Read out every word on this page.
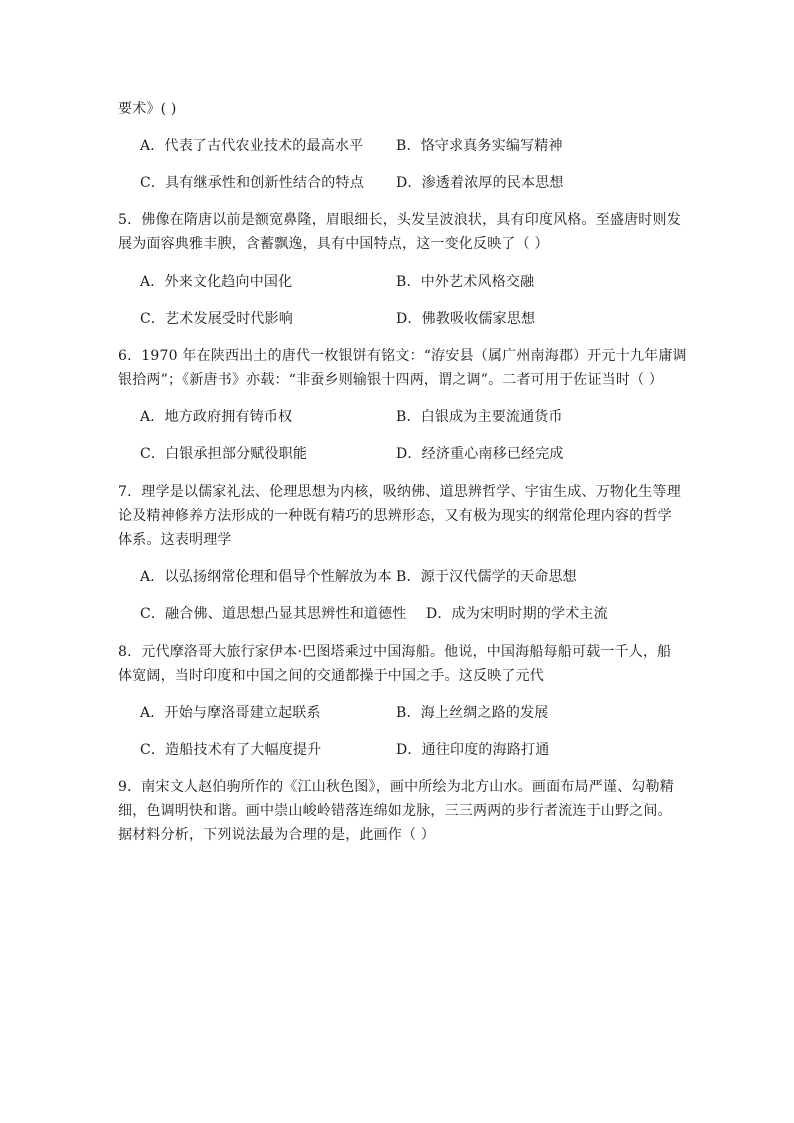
要术》( )
A．代表了古代农业技术的最高水平 B．恪守求真务实编写精神
C．具有继承性和创新性结合的特点 D．渗透着浓厚的民本思想
5．佛像在隋唐以前是额宽鼻隆，眉眼细长，头发呈波浪状，具有印度风格。至盛唐时则发
展为面容典雅丰腴，含蓄飘逸，具有中国特点，这一变化反映了（ ）
A．外来文化趋向中国化	B．中外艺术风格交融
C．艺术发展受时代影响	D．佛教吸收儒家思想
6．1970 年在陕西出土的唐代一枚银饼有铭文：“洊安县（属广州南海郡）开元十九年庸调
银拾两”；《新唐书》亦载：“非蚕乡则输银十四两，谓之调”。二者可用于佐证当时（ ）
A．地方政府拥有铸币权	B．白银成为主要流通货币
C．白银承担部分赋役职能	D．经济重心南移已经完成
7．理学是以儒家礼法、伦理思想为内核，吸纳佛、道思辨哲学、宇宙生成、万物化生等理
论及精神修养方法形成的一种既有精巧的思辨形态，又有极为现实的纲常伦理内容的哲学
体系。这表明理学
A．以弘扬纲常伦理和倡导个性解放为本 B．源于汉代儒学的天命思想
C．融合佛、道思想凸显其思辨性和道德性 D．成为宋明时期的学术主流
8．元代摩洛哥大旅行家伊本·巴图塔乘过中国海船。他说，中国海船每船可载一千人，船
体宽阔，当时印度和中国之间的交通都操于中国之手。这反映了元代
A．开始与摩洛哥建立起联系	B．海上丝绸之路的发展
C．造船技术有了大幅度提升	D．通往印度的海路打通
9．南宋文人赵伯驹所作的《江山秋色图》，画中所绘为北方山水。画面布局严谨、勾勒精
细，色调明快和谐。画中崇山峻岭错落连绵如龙脉，三三两两的步行者流连于山野之间。
据材料分析，下列说法最为合理的是，此画作（ ）
